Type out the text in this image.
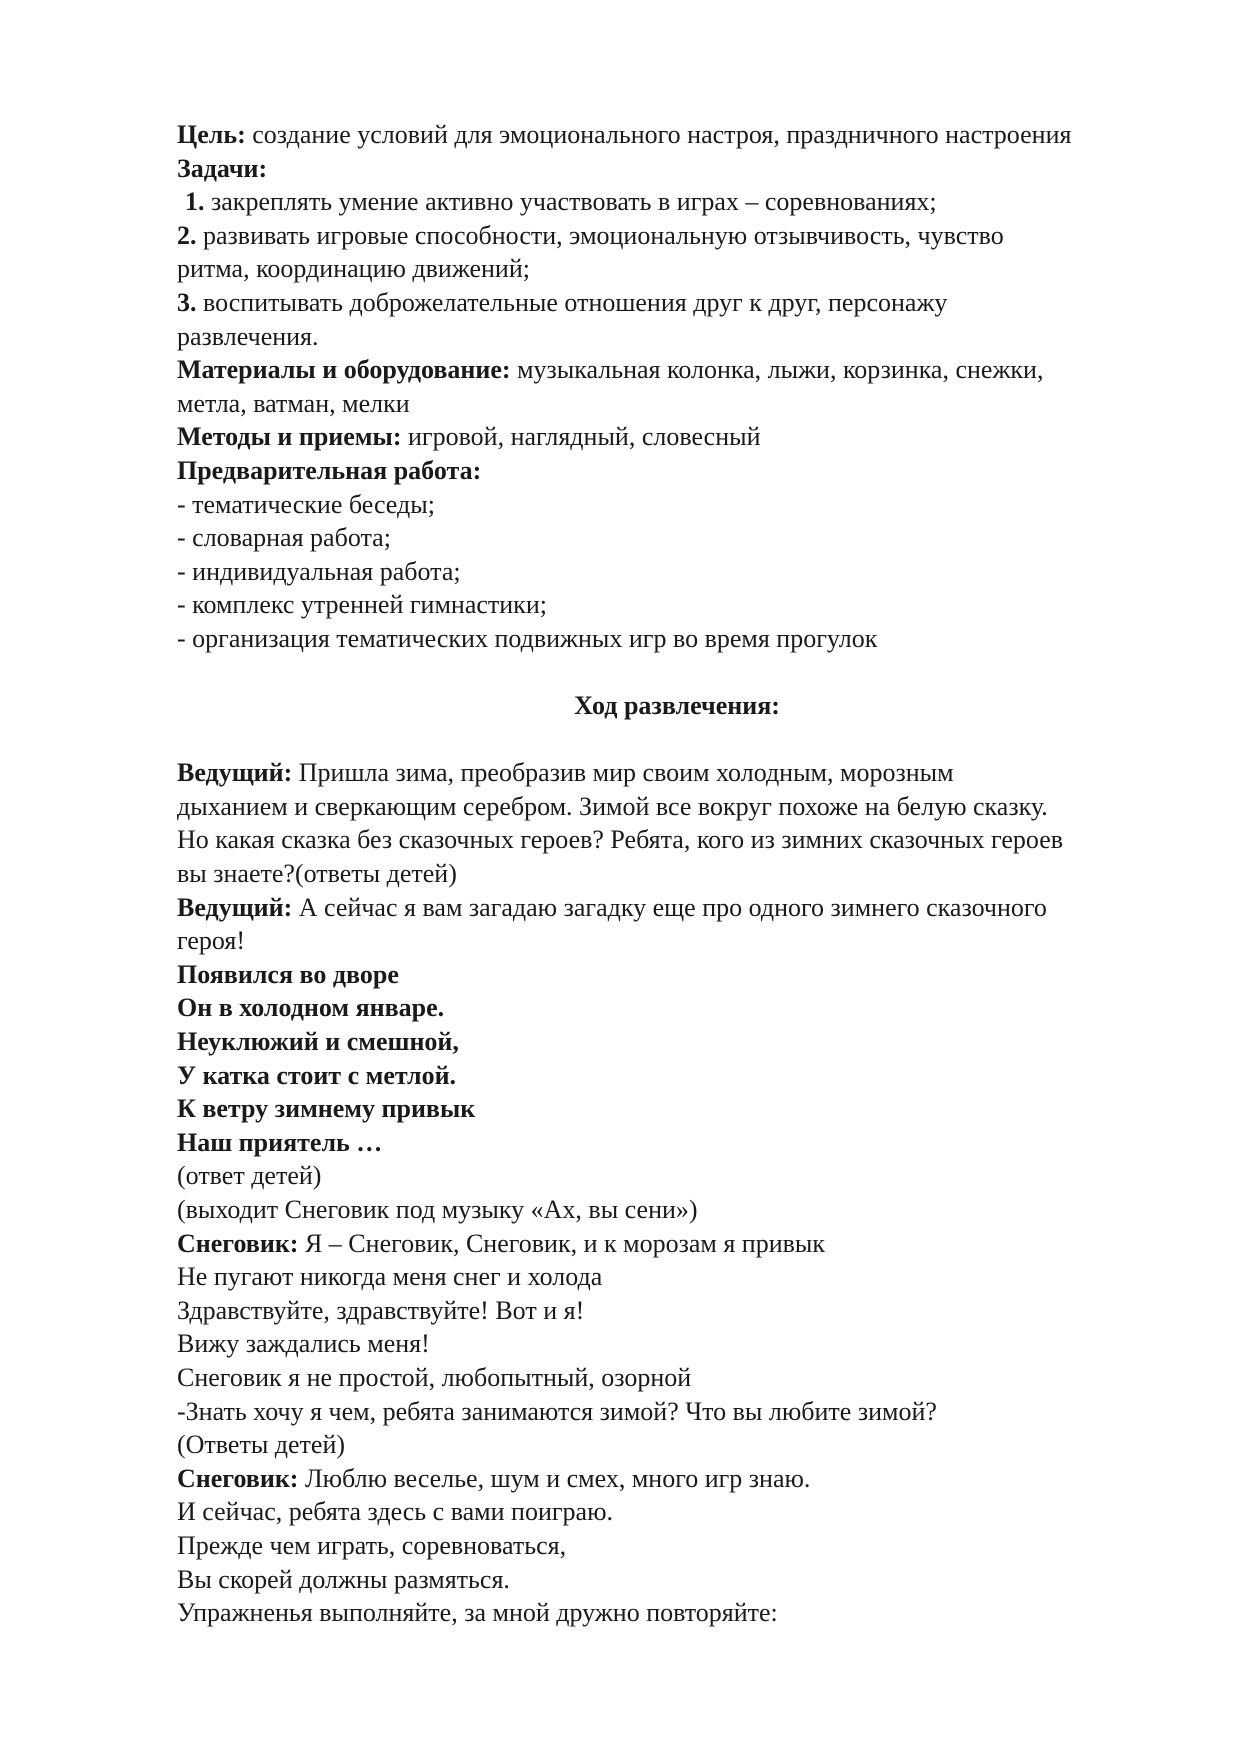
Цель: создание условий для эмоционального настроя, праздничного настроения
Задачи:
1. закреплять умение активно участвовать в играх – соревнованиях;
2. развивать игровые способности, эмоциональную отзывчивость, чувство
ритма, координацию движений;
3. воспитывать доброжелательные отношения друг к друг, персонажу
развлечения.
Материалы и оборудование: музыкальная колонка, лыжи, корзинка, снежки,
метла, ватман, мелки
Методы и приемы: игровой, наглядный, словесный
Предварительная работа:
- тематические беседы;
- словарная работа;
- индивидуальная работа;
- комплекс утренней гимнастики;
- организация тематических подвижных игр во время прогулок
Ход развлечения:
Ведущий: Пришла зима, преобразив мир своим холодным, морозным
дыханием и сверкающим серебром. Зимой все вокруг похоже на белую сказку.
Но какая сказка без сказочных героев? Ребята, кого из зимних сказочных героев
вы знаете?(ответы детей)
Ведущий: А сейчас я вам загадаю загадку еще про одного зимнего сказочного
героя!
Появился во дворе
Он в холодном январе.
Неуклюжий и смешной,
У катка стоит с метлой.
К ветру зимнему привык
Наш приятель …
(ответ детей)
(выходит Снеговик под музыку «Ах, вы сени»)
Снеговик: Я – Снеговик, Снеговик, и к морозам я привык
Не пугают никогда меня снег и холода
Здравствуйте, здравствуйте! Вот и я!
Вижу заждались меня!
Снеговик я не простой, любопытный, озорной
-Знать хочу я чем, ребята занимаются зимой? Что вы любите зимой?
(Ответы детей)
Снеговик: Люблю веселье, шум и смех, много игр знаю.
И сейчас, ребята здесь с вами поиграю.
Прежде чем играть, соревноваться,
Вы скорей должны размяться.
Упражненья выполняйте, за мной дружно повторяйте:
